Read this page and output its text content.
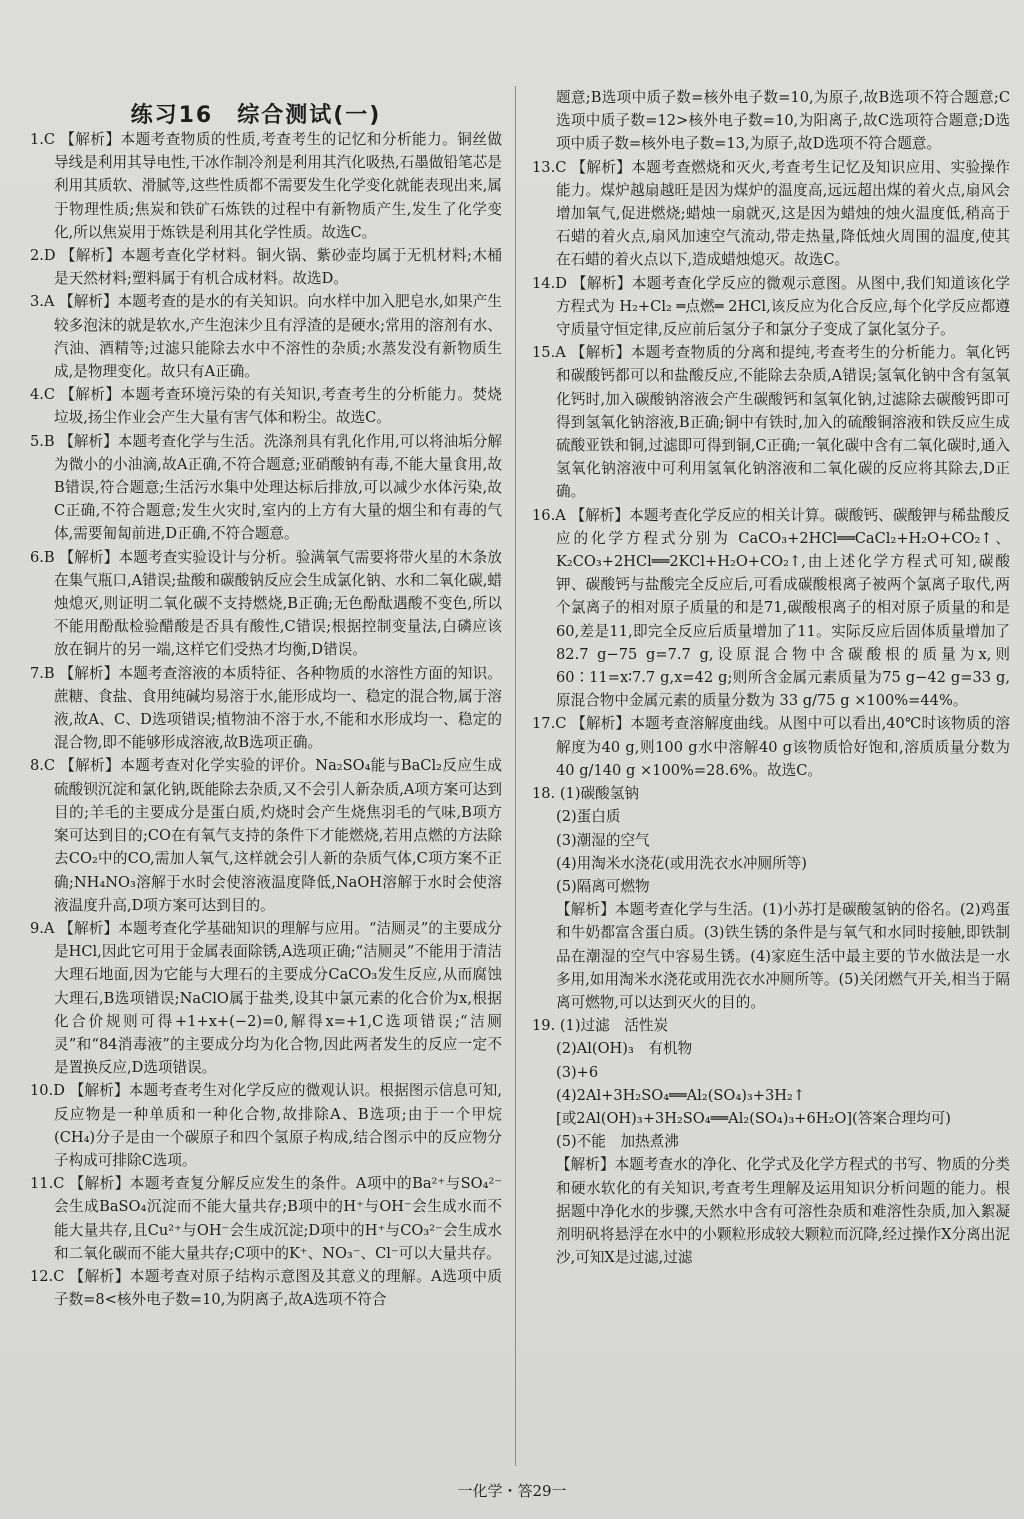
练习16　综合测试(一)

1.C 【解析】本题考查物质的性质,考查考生的记忆和分析能力。铜丝做导线是利用其导电性,干冰作制冷剂是利用其汽化吸热,石墨做铅笔芯是利用其质软、滑腻等,这些性质都不需要发生化学变化就能表现出来,属于物理性质;焦炭和铁矿石炼铁的过程中有新物质产生,发生了化学变化,所以焦炭用于炼铁是利用其化学性质。故选C。

2.D 【解析】本题考查化学材料。铜火锅、紫砂壶均属于无机材料;木桶是天然材料;塑料属于有机合成材料。故选D。

3.A 【解析】本题考查的是水的有关知识。向水样中加入肥皂水,如果产生较多泡沫的就是软水,产生泡沫少且有浮渣的是硬水;常用的溶剂有水、汽油、酒精等;过滤只能除去水中不溶性的杂质;水蒸发没有新物质生成,是物理变化。故只有A正确。

4.C 【解析】本题考查环境污染的有关知识,考查考生的分析能力。焚烧垃圾,扬尘作业会产生大量有害气体和粉尘。故选C。

5.B 【解析】本题考查化学与生活。洗涤剂具有乳化作用,可以将油垢分解为微小的小油滴,故A正确,不符合题意;亚硝酸钠有毒,不能大量食用,故B错误,符合题意;生活污水集中处理达标后排放,可以减少水体污染,故C正确,不符合题意;发生火灾时,室内的上方有大量的烟尘和有毒的气体,需要匍匐前进,D正确,不符合题意。

6.B 【解析】本题考查实验设计与分析。验满氧气需要将带火星的木条放在集气瓶口,A错误;盐酸和碳酸钠反应会生成氯化钠、水和二氧化碳,蜡烛熄灭,则证明二氧化碳不支持燃烧,B正确;无色酚酞遇酸不变色,所以不能用酚酞检验醋酸是否具有酸性,C错误;根据控制变量法,白磷应该放在铜片的另一端,这样它们受热才均衡,D错误。

7.B 【解析】本题考查溶液的本质特征、各种物质的水溶性方面的知识。蔗糖、食盐、食用纯碱均易溶于水,能形成均一、稳定的混合物,属于溶液,故A、C、D选项错误;植物油不溶于水,不能和水形成均一、稳定的混合物,即不能够形成溶液,故B选项正确。

8.C 【解析】本题考查对化学实验的评价。Na₂SO₄能与BaCl₂反应生成硫酸钡沉淀和氯化钠,既能除去杂质,又不会引人新杂质,A项方案可达到目的;羊毛的主要成分是蛋白质,灼烧时会产生烧焦羽毛的气味,B项方案可达到目的;CO在有氧气支持的条件下才能燃烧,若用点燃的方法除去CO₂中的CO,需加人氧气,这样就会引人新的杂质气体,C项方案不正确;NH₄NO₃溶解于水时会使溶液温度降低,NaOH溶解于水时会使溶液温度升高,D项方案可达到目的。

9.A 【解析】本题考查化学基础知识的理解与应用。“洁厕灵”的主要成分是HCl,因此它可用于金属表面除锈,A选项正确;“洁厕灵”不能用于清洁大理石地面,因为它能与大理石的主要成分CaCO₃发生反应,从而腐蚀大理石,B选项错误;NaClO属于盐类,设其中氯元素的化合价为x,根据化合价规则可得+1+x+(−2)=0,解得x=+1,C选项错误;“洁厕灵”和“84消毒液”的主要成分均为化合物,因此两者发生的反应一定不是置换反应,D选项错误。

10.D 【解析】本题考查考生对化学反应的微观认识。根据图示信息可知,反应物是一种单质和一种化合物,故排除A、B选项;由于一个甲烷(CH₄)分子是由一个碳原子和四个氢原子构成,结合图示中的反应物分子构成可排除C选项。

11.C 【解析】本题考查复分解反应发生的条件。A项中的Ba²⁺与SO₄²⁻会生成BaSO₄沉淀而不能大量共存;B项中的H⁺与OH⁻会生成水而不能大量共存,且Cu²⁺与OH⁻会生成沉淀;D项中的H⁺与CO₃²⁻会生成水和二氧化碳而不能大量共存;C项中的K⁺、NO₃⁻、Cl⁻可以大量共存。

12.C 【解析】本题考查对原子结构示意图及其意义的理解。A选项中质子数=8<核外电子数=10,为阴离子,故A选项不符合

题意;B选项中质子数=核外电子数=10,为原子,故B选项不符合题意;C选项中质子数=12>核外电子数=10,为阳离子,故C选项符合题意;D选项中质子数=核外电子数=13,为原子,故D选项不符合题意。

13.C 【解析】本题考查燃烧和灭火,考查考生记忆及知识应用、实验操作能力。煤炉越扇越旺是因为煤炉的温度高,远远超出煤的着火点,扇风会增加氧气,促进燃烧;蜡烛一扇就灭,这是因为蜡烛的烛火温度低,稍高于石蜡的着火点,扇风加速空气流动,带走热量,降低烛火周围的温度,使其在石蜡的着火点以下,造成蜡烛熄灭。故选C。

14.D 【解析】本题考查化学反应的微观示意图。从图中,我们知道该化学方程式为 H₂+Cl₂ ═点燃═ 2HCl,该反应为化合反应,每个化学反应都遵守质量守恒定律,反应前后氢分子和氯分子变成了氯化氢分子。

15.A 【解析】本题考查物质的分离和提纯,考查考生的分析能力。氧化钙和碳酸钙都可以和盐酸反应,不能除去杂质,A错误;氢氧化钠中含有氢氧化钙时,加入碳酸钠溶液会产生碳酸钙和氢氧化钠,过滤除去碳酸钙即可得到氢氧化钠溶液,B正确;铜中有铁时,加入的硫酸铜溶液和铁反应生成硫酸亚铁和铜,过滤即可得到铜,C正确;一氧化碳中含有二氧化碳时,通入氢氧化钠溶液中可利用氢氧化钠溶液和二氧化碳的反应将其除去,D正确。

16.A 【解析】本题考查化学反应的相关计算。碳酸钙、碳酸钾与稀盐酸反应的化学方程式分别为 CaCO₃+2HCl══CaCl₂+H₂O+CO₂↑、K₂CO₃+2HCl══2KCl+H₂O+CO₂↑,由上述化学方程式可知,碳酸钾、碳酸钙与盐酸完全反应后,可看成碳酸根离子被两个氯离子取代,两个氯离子的相对原子质量的和是71,碳酸根离子的相对原子质量的和是60,差是11,即完全反应后质量增加了11。实际反应后固体质量增加了82.7 g−75 g=7.7 g,设原混合物中含碳酸根的质量为x,则60∶11=x∶7.7 g,x=42 g;则所含金属元素质量为75 g−42 g=33 g,原混合物中金属元素的质量分数为 33 g/75 g ×100%=44%。

17.C 【解析】本题考查溶解度曲线。从图中可以看出,40℃时该物质的溶解度为40 g,则100 g水中溶解40 g该物质恰好饱和,溶质质量分数为 40 g/140 g ×100%=28.6%。故选C。

18. (1)碳酸氢钠

(2)蛋白质

(3)潮湿的空气

(4)用淘米水浇花(或用洗衣水冲厕所等)

(5)隔离可燃物

【解析】本题考查化学与生活。(1)小苏打是碳酸氢钠的俗名。(2)鸡蛋和牛奶都富含蛋白质。(3)铁生锈的条件是与氧气和水同时接触,即铁制品在潮湿的空气中容易生锈。(4)家庭生活中最主要的节水做法是一水多用,如用淘米水浇花或用洗衣水冲厕所等。(5)关闭燃气开关,相当于隔离可燃物,可以达到灭火的目的。

19. (1)过滤　活性炭

(2)Al(OH)₃　有机物

(3)+6

(4)2Al+3H₂SO₄══Al₂(SO₄)₃+3H₂↑

[或2Al(OH)₃+3H₂SO₄══Al₂(SO₄)₃+6H₂O](答案合理均可)

(5)不能　加热煮沸

【解析】本题考查水的净化、化学式及化学方程式的书写、物质的分类和硬水软化的有关知识,考查考生理解及运用知识分析问题的能力。根据题中净化水的步骤,天然水中含有可溶性杂质和难溶性杂质,加入絮凝剂明矾将悬浮在水中的小颗粒形成较大颗粒而沉降,经过操作X分离出泥沙,可知X是过滤,过滤

一化学・答29一
